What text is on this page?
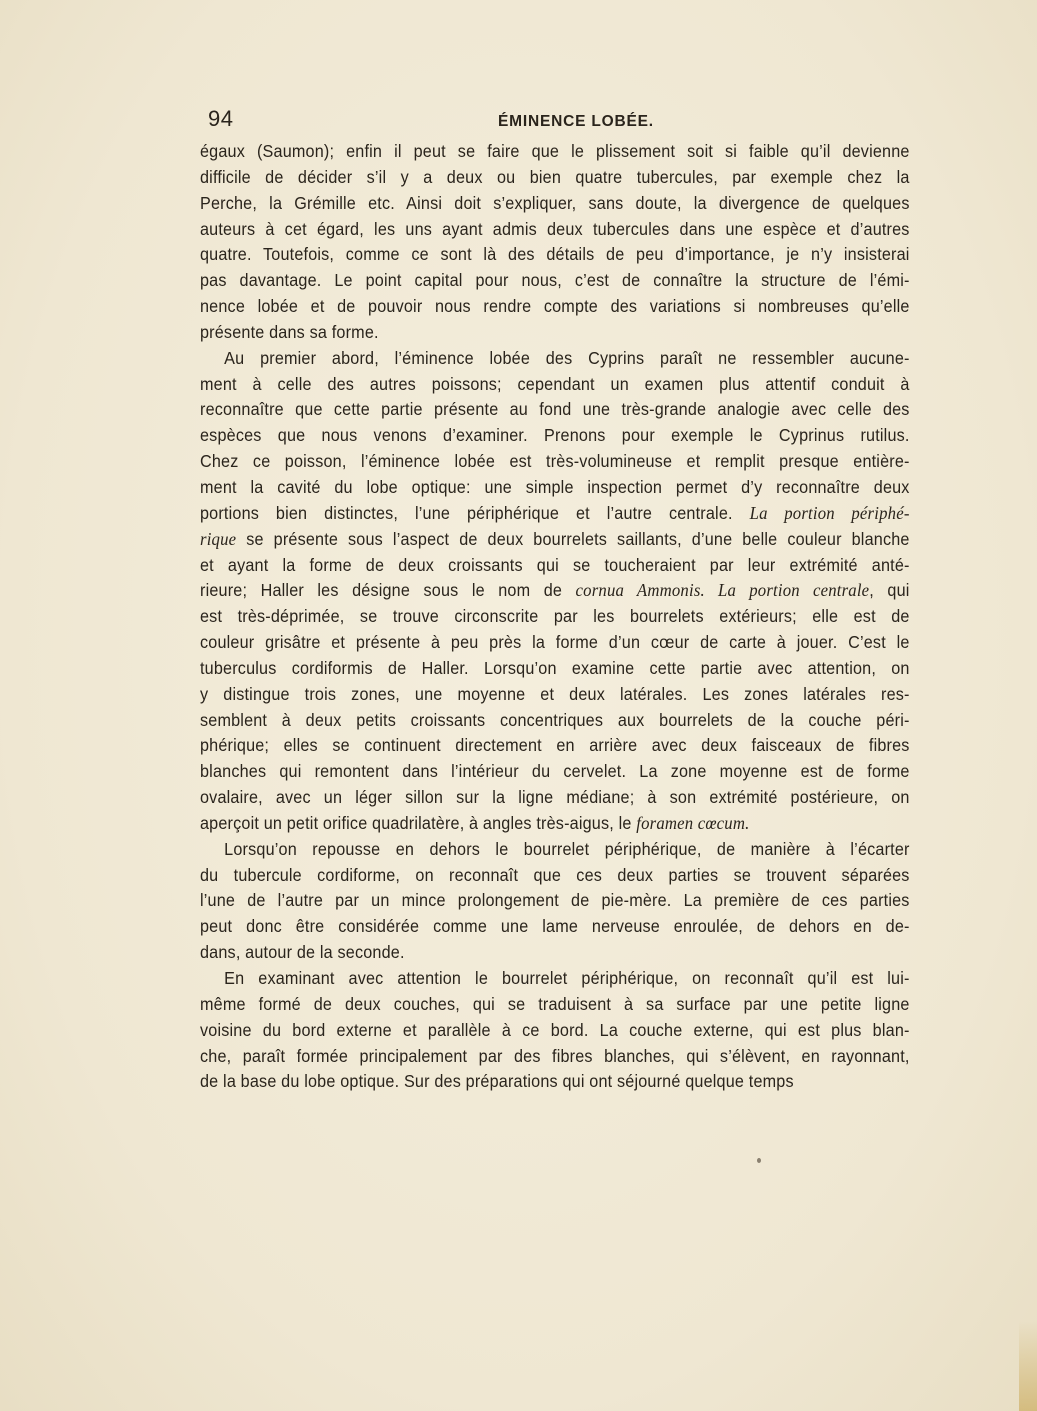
94	ÉMINENCE LOBÉE.
égaux (Saumon); enfin il peut se faire que le plissement soit si faible qu’il devienne
difficile de décider s’il y a deux ou bien quatre tubercules, par exemple chez la
Perche, la Grémille etc. Ainsi doit s’expliquer, sans doute, la divergence de quelques
auteurs à cet égard, les uns ayant admis deux tubercules dans une espèce et d’autres
quatre. Toutefois, comme ce sont là des détails de peu d’importance, je n’y insisterai
pas davantage. Le point capital pour nous, c’est de connaître la structure de l’émi-
nence lobée et de pouvoir nous rendre compte des variations si nombreuses qu’elle
présente dans sa forme.
Au premier abord, l’éminence lobée des Cyprins paraît ne ressembler aucune-
ment à celle des autres poissons; cependant un examen plus attentif conduit à
reconnaître que cette partie présente au fond une très-grande analogie avec celle des
espèces que nous venons d’examiner. Prenons pour exemple le Cyprinus rutilus.
Chez ce poisson, l’éminence lobée est très-volumineuse et remplit presque entière-
ment la cavité du lobe optique: une simple inspection permet d’y reconnaître deux
portions bien distinctes, l’une périphérique et l’autre centrale. La portion périphé-
rique se présente sous l’aspect de deux bourrelets saillants, d’une belle couleur blanche
et ayant la forme de deux croissants qui se toucheraient par leur extrémité anté-
rieure; Haller les désigne sous le nom de cornua Ammonis. La portion centrale, qui
est très-déprimée, se trouve circonscrite par les bourrelets extérieurs; elle est de
couleur grisâtre et présente à peu près la forme d’un cœur de carte à jouer. C’est le
tuberculus cordiformis de Haller. Lorsqu’on examine cette partie avec attention, on
y distingue trois zones, une moyenne et deux latérales. Les zones latérales res-
semblent à deux petits croissants concentriques aux bourrelets de la couche péri-
phérique; elles se continuent directement en arrière avec deux faisceaux de fibres
blanches qui remontent dans l’intérieur du cervelet. La zone moyenne est de forme
ovalaire, avec un léger sillon sur la ligne médiane; à son extrémité postérieure, on
aperçoit un petit orifice quadrilatère, à angles très-aigus, le foramen cœcum.
Lorsqu’on repousse en dehors le bourrelet périphérique, de manière à l’écarter
du tubercule cordiforme, on reconnaît que ces deux parties se trouvent séparées
l’une de l’autre par un mince prolongement de pie-mère. La première de ces parties
peut donc être considérée comme une lame nerveuse enroulée, de dehors en de-
dans, autour de la seconde.
En examinant avec attention le bourrelet périphérique, on reconnaît qu’il est lui-
même formé de deux couches, qui se traduisent à sa surface par une petite ligne
voisine du bord externe et parallèle à ce bord. La couche externe, qui est plus blan-
che, paraît formée principalement par des fibres blanches, qui s’élèvent, en rayonnant,
de la base du lobe optique. Sur des préparations qui ont séjourné quelque temps
